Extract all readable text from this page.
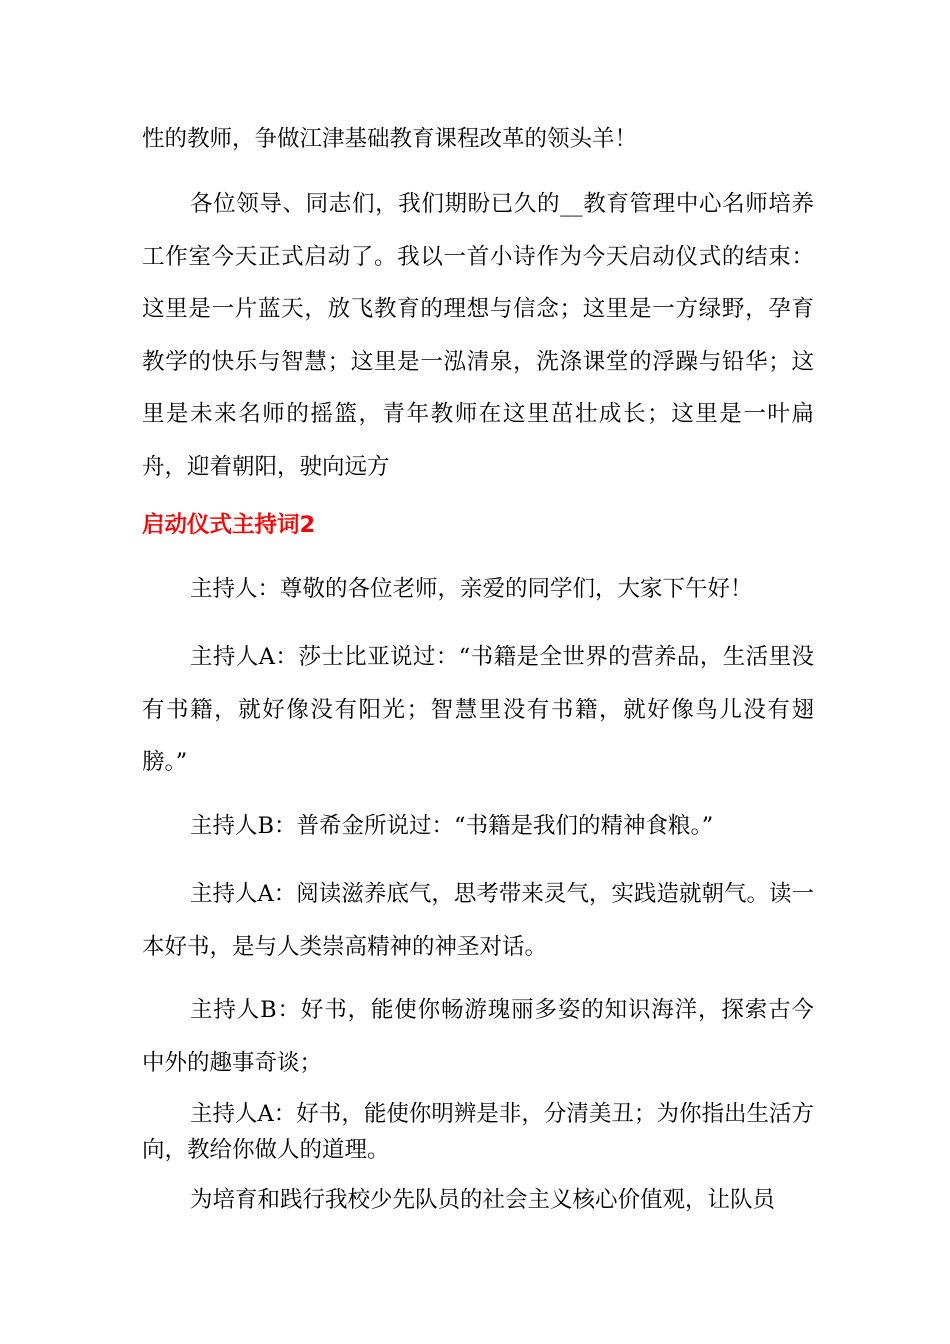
性的教师，争做江津基础教育课程改革的领头羊！

各位领导、同志们，我们期盼已久的__教育管理中心名师培养工作室今天正式启动了。我以一首小诗作为今天启动仪式的结束：这里是一片蓝天，放飞教育的理想与信念；这里是一方绿野，孕育教学的快乐与智慧；这里是一泓清泉，洗涤课堂的浮躁与铅华；这里是未来名师的摇篮，青年教师在这里茁壮成长；这里是一叶扁舟，迎着朝阳，驶向远方

启动仪式主持词2

主持人：尊敬的各位老师，亲爱的同学们，大家下午好！

主持人A：莎士比亚说过：“书籍是全世界的营养品，生活里没有书籍，就好像没有阳光；智慧里没有书籍，就好像鸟儿没有翅膀。”

主持人B：普希金所说过：“书籍是我们的精神食粮。”

主持人A：阅读滋养底气，思考带来灵气，实践造就朝气。读一本好书，是与人类崇高精神的神圣对话。

主持人B：好书，能使你畅游瑰丽多姿的知识海洋，探索古今中外的趣事奇谈；

主持人A：好书，能使你明辨是非，分清美丑；为你指出生活方向，教给你做人的道理。

为培育和践行我校少先队员的社会主义核心价值观，让队员
